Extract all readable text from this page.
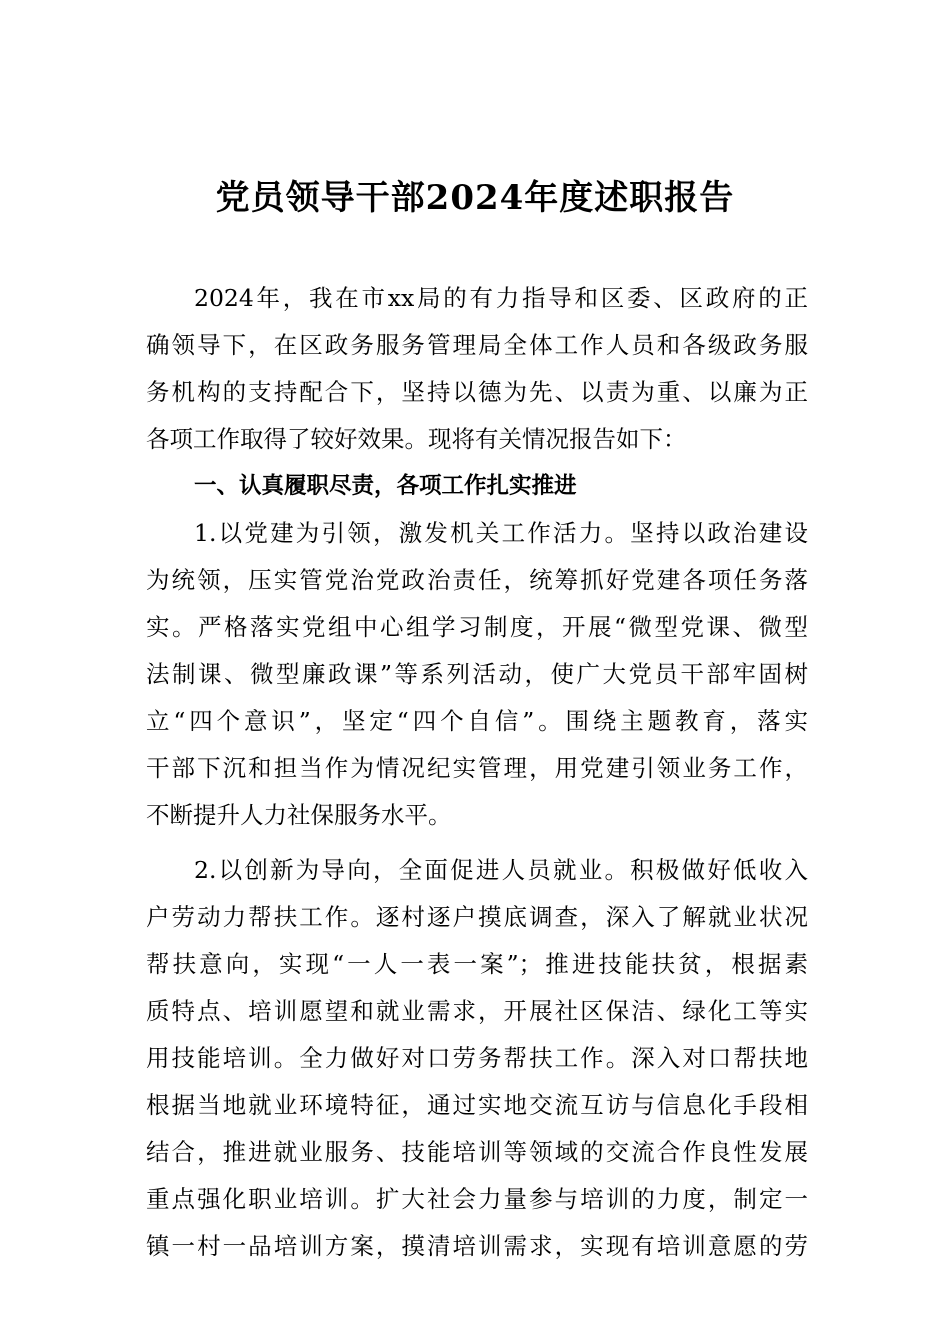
党员领导干部2024年度述职报告
2024年，我在市xx局的有力指导和区委、区政府的正
确领导下，在区政务服务管理局全体工作人员和各级政务服
务机构的支持配合下，坚持以德为先、以责为重、以廉为正
各项工作取得了较好效果。现将有关情况报告如下：
一、认真履职尽责，各项工作扎实推进
1.以党建为引领，激发机关工作活力。坚持以政治建设
为统领，压实管党治党政治责任，统筹抓好党建各项任务落
实。严格落实党组中心组学习制度，开展“微型党课、微型
法制课、微型廉政课”等系列活动，使广大党员干部牢固树
立“四个意识”，坚定“四个自信”。围绕主题教育，落实
干部下沉和担当作为情况纪实管理，用党建引领业务工作，
不断提升人力社保服务水平。
2.以创新为导向，全面促进人员就业。积极做好低收入
户劳动力帮扶工作。逐村逐户摸底调查，深入了解就业状况
帮扶意向，实现“一人一表一案”；推进技能扶贫，根据素
质特点、培训愿望和就业需求，开展社区保洁、绿化工等实
用技能培训。全力做好对口劳务帮扶工作。深入对口帮扶地
根据当地就业环境特征，通过实地交流互访与信息化手段相
结合，推进就业服务、技能培训等领域的交流合作良性发展
重点强化职业培训。扩大社会力量参与培训的力度，制定一
镇一村一品培训方案，摸清培训需求，实现有培训意愿的劳
